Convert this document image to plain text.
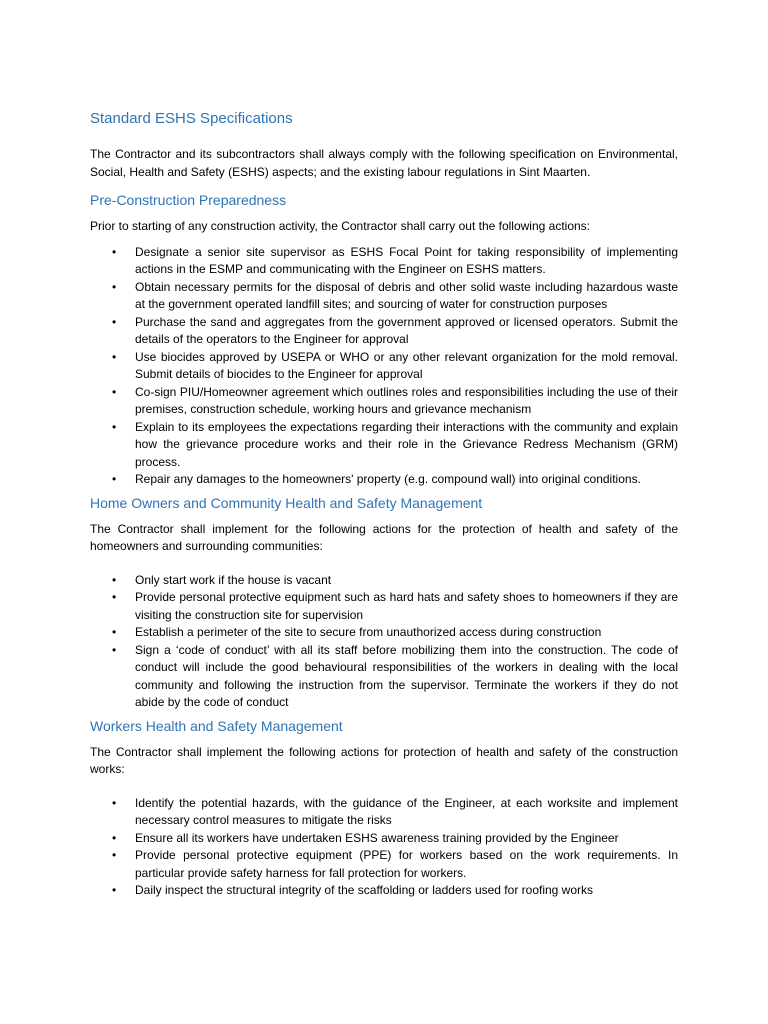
Standard ESHS Specifications

The Contractor and its subcontractors shall always comply with the following specification on Environmental, Social, Health and Safety (ESHS) aspects; and the existing labour regulations in Sint Maarten.

Pre-Construction Preparedness

Prior to starting of any construction activity, the Contractor shall carry out the following actions:

• Designate a senior site supervisor as ESHS Focal Point for taking responsibility of implementing actions in the ESMP and communicating with the Engineer on ESHS matters.
• Obtain necessary permits for the disposal of debris and other solid waste including hazardous waste at the government operated landfill sites; and sourcing of water for construction purposes
• Purchase the sand and aggregates from the government approved or licensed operators. Submit the details of the operators to the Engineer for approval
• Use biocides approved by USEPA or WHO or any other relevant organization for the mold removal. Submit details of biocides to the Engineer for approval
• Co-sign PIU/Homeowner agreement which outlines roles and responsibilities including the use of their premises, construction schedule, working hours and grievance mechanism
• Explain to its employees the expectations regarding their interactions with the community and explain how the grievance procedure works and their role in the Grievance Redress Mechanism (GRM) process.
• Repair any damages to the homeowners' property (e.g. compound wall) into original conditions.
Home Owners and Community Health and Safety Management

The Contractor shall implement for the following actions for the protection of health and safety of the homeowners and surrounding communities:

• Only start work if the house is vacant
• Provide personal protective equipment such as hard hats and safety shoes to homeowners if they are visiting the construction site for supervision
• Establish a perimeter of the site to secure from unauthorized access during construction
• Sign a ‘code of conduct’ with all its staff before mobilizing them into the construction. The code of conduct will include the good behavioural responsibilities of the workers in dealing with the local community and following the instruction from the supervisor. Terminate the workers if they do not abide by the code of conduct
Workers Health and Safety Management

The Contractor shall implement the following actions for protection of health and safety of the construction works:

• Identify the potential hazards, with the guidance of the Engineer, at each worksite and implement necessary control measures to mitigate the risks
• Ensure all its workers have undertaken ESHS awareness training provided by the Engineer
• Provide personal protective equipment (PPE) for workers based on the work requirements. In particular provide safety harness for fall protection for workers.
• Daily inspect the structural integrity of the scaffolding or ladders used for roofing works
